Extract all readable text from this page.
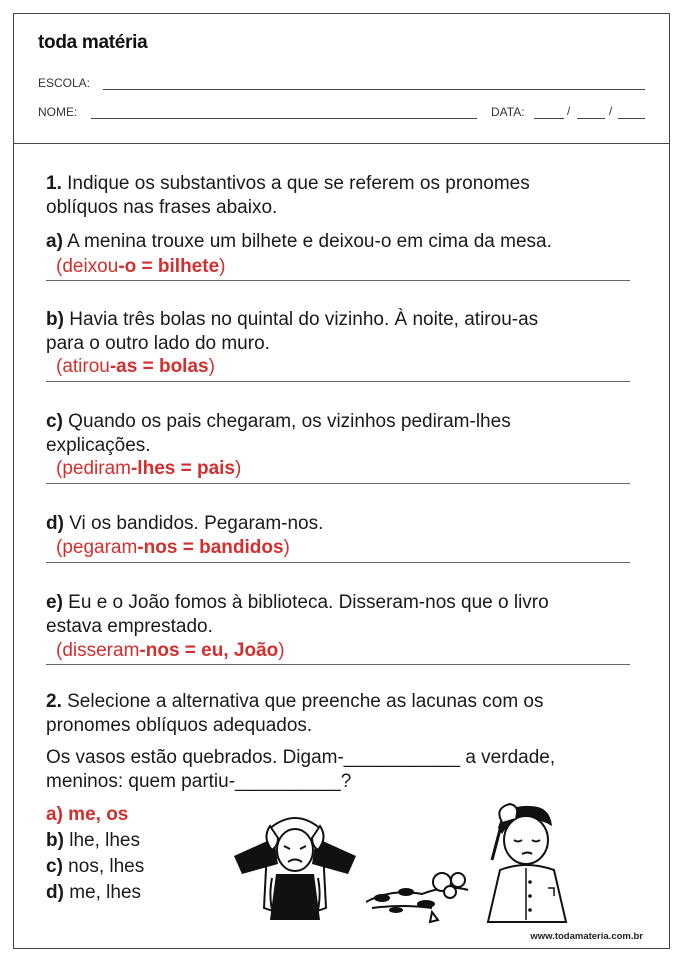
toda matéria
ESCOLA:
NOME:	DATA:	/	/
1. Indique os substantivos a que se referem os pronomes
oblíquos nas frases abaixo.
a) A menina trouxe um bilhete e deixou-o em cima da mesa.
(deixou-o = bilhete)
b) Havia três bolas no quintal do vizinho. À noite, atirou-as
para o outro lado do muro.
(atirou-as = bolas)
c) Quando os pais chegaram, os vizinhos pediram-lhes
explicações.
(pediram-lhes = pais)
d) Vi os bandidos. Pegaram-nos.
(pegaram-nos = bandidos)
e) Eu e o João fomos à biblioteca. Disseram-nos que o livro
estava emprestado.
(disseram-nos = eu, João)
2. Selecione a alternativa que preenche as lacunas com os
pronomes oblíquos adequados.
Os vasos estão quebrados. Digam-___________ a verdade,
meninos: quem partiu-__________?
a) me, os
b) lhe, lhes
c) nos, lhes
d) me, lhes
www.todamateria.com.br
